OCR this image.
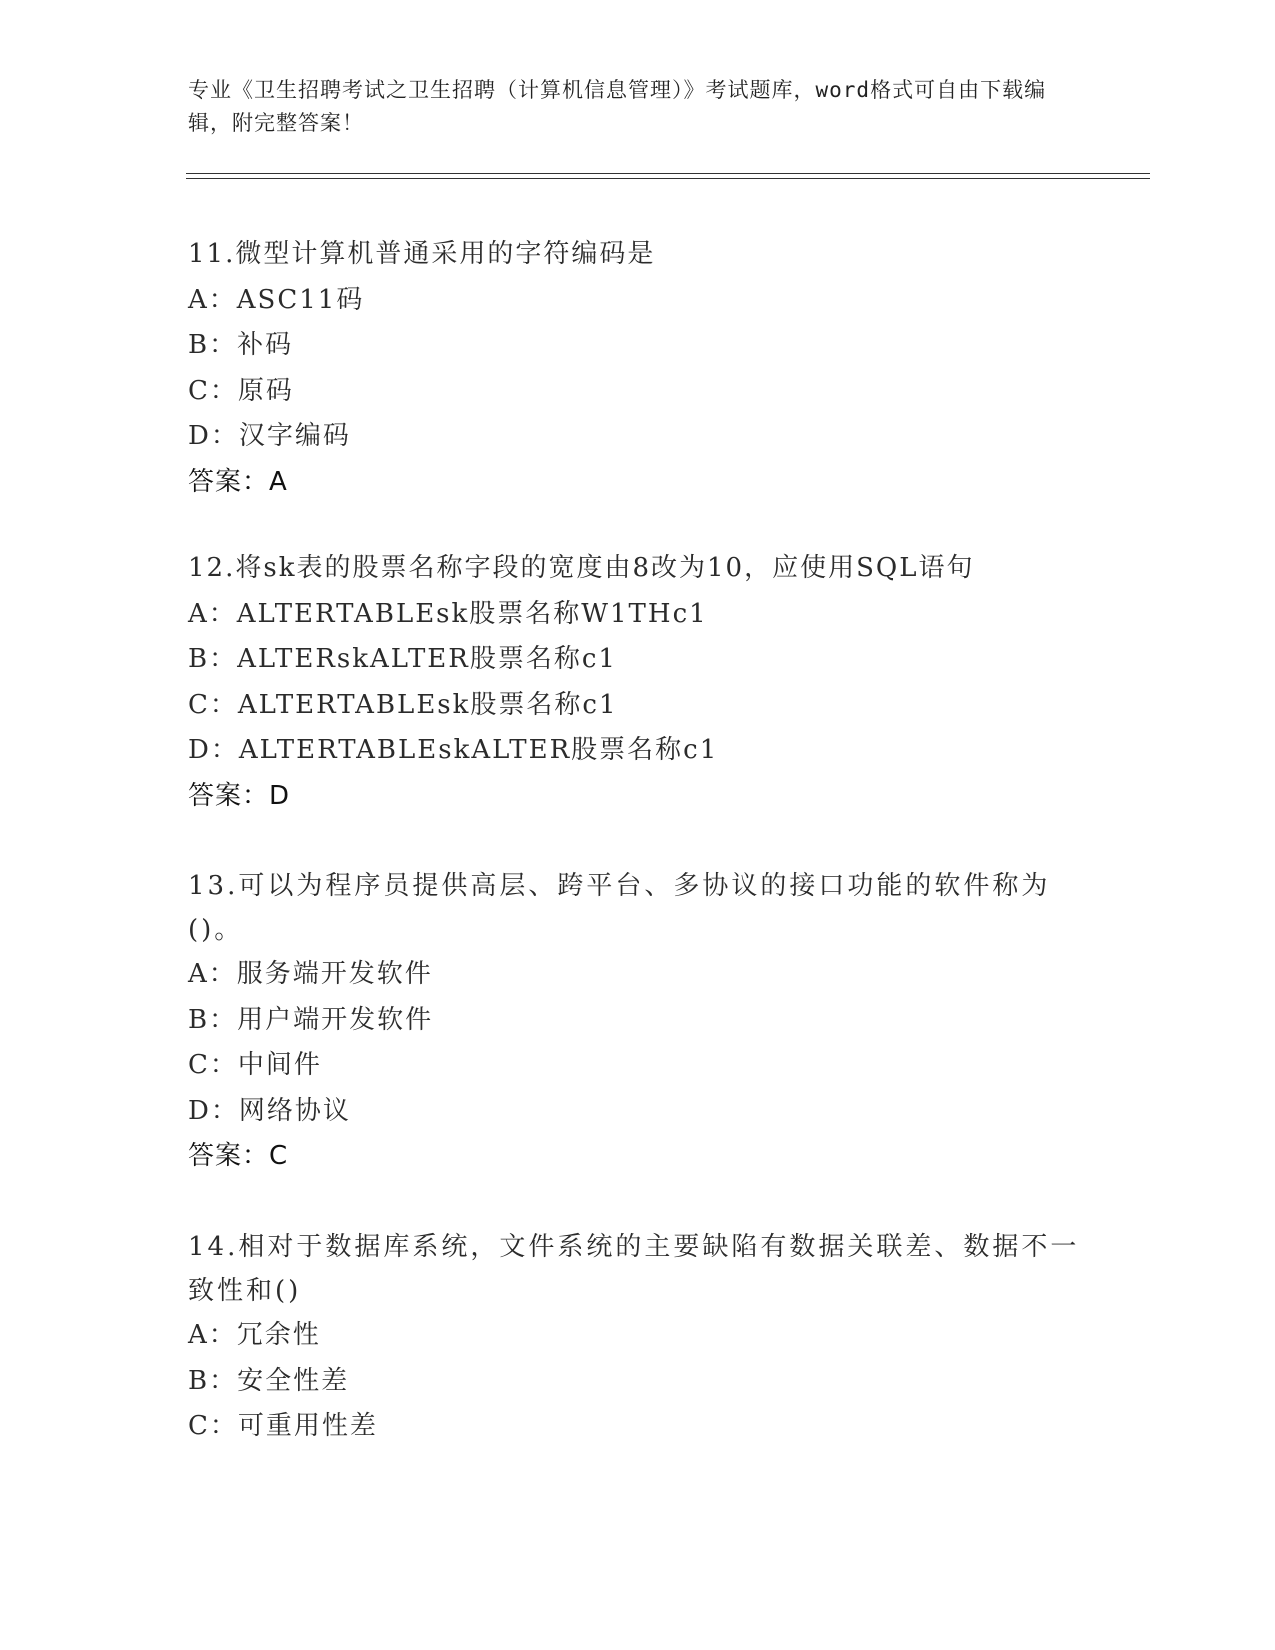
专业《卫生招聘考试之卫生招聘（计算机信息管理）》考试题库，word格式可自由下载编辑，附完整答案！
11.微型计算机普通采用的字符编码是
A：ASC11码
B：补码
C：原码
D：汉字编码
答案：A
12.将sk表的股票名称字段的宽度由8改为10，应使用SQL语句
A：ALTERTABLEsk股票名称W1THc1
B：ALTERskALTER股票名称c1
C：ALTERTABLEsk股票名称c1
D：ALTERTABLEskALTER股票名称c1
答案：D
13.可以为程序员提供高层、跨平台、多协议的接口功能的软件称为()。
A：服务端开发软件
B：用户端开发软件
C：中间件
D：网络协议
答案：C
14.相对于数据库系统，文件系统的主要缺陷有数据关联差、数据不一致性和()
A：冗余性
B：安全性差
C：可重用性差
